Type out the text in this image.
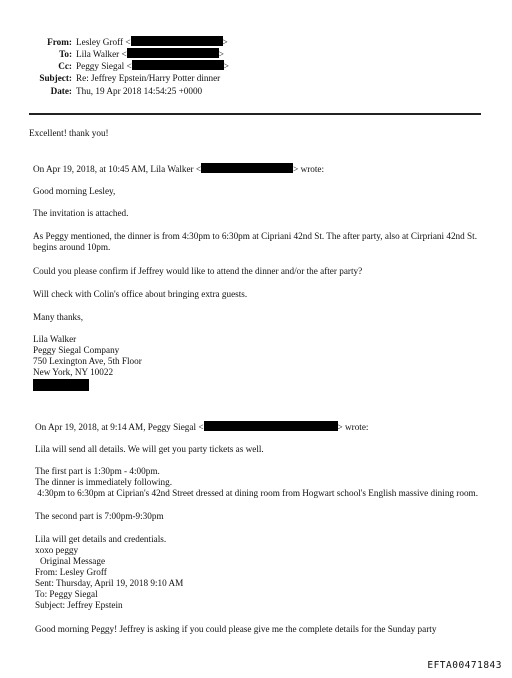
From: Lesley Groff <	>
To: Lila Walker <	>
Cc: Peggy Siegal <	>
Subject: Re: Jeffrey Epstein/Harry Potter dinner
Date: Thu, 19 Apr 2018 14:54:25 +0000
Excellent! thank you!
On Apr 19, 2018, at 10:45 AM, Lila Walker <	> wrote:
Good morning Lesley,
The invitation is attached.

As Peggy mentioned, the dinner is from 4:30pm to 6:30pm at Cipriani 42nd St. The after party, also at Cirpriani 42nd St. begins around 10pm.

Could you please confirm if Jeffrey would like to attend the dinner and/or the after party?
Will check with Colin's office about bringing extra guests.
Many thanks,
Lila Walker
Peggy Siegal Company
750 Lexington Ave, 5th Floor
New York, NY 10022
On Apr 19, 2018, at 9:14 AM, Peggy Siegal <	> wrote:
Lila will send all details. We will get you party tickets as well.
The first part is 1:30pm - 4:00pm.
The dinner is immediately following.

4:30pm to 6:30pm at Ciprian's 42nd Street dressed at dining room from Hogwart school's English massive dining room.

The second part is 7:00pm-9:30pm
Lila will get details and credentials.
xoxo peggy
Original Message
From: Lesley Groff
Sent: Thursday, April 19, 2018 9:10 AM
To: Peggy Siegal
Subject: Jeffrey Epstein
Good morning Peggy! Jeffrey is asking if you could please give me the complete details for the Sunday party
EFTA00471843
